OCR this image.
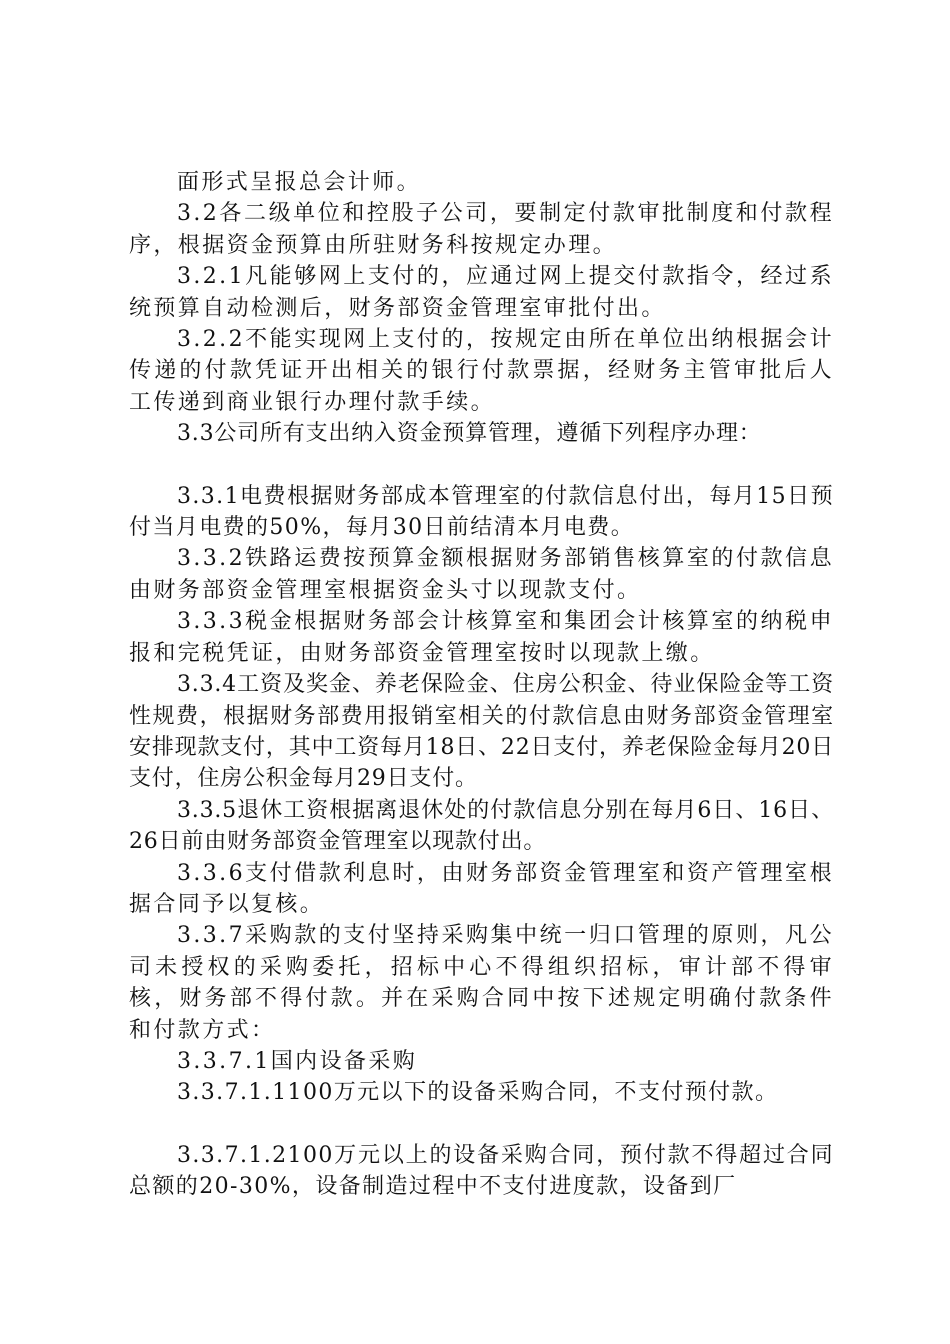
面形式呈报总会计师。

3.2各二级单位和控股子公司，要制定付款审批制度和付款程序，根据资金预算由所驻财务科按规定办理。

3.2.1凡能够网上支付的，应通过网上提交付款指令，经过系统预算自动检测后，财务部资金管理室审批付出。

3.2.2不能实现网上支付的，按规定由所在单位出纳根据会计传递的付款凭证开出相关的银行付款票据，经财务主管审批后人工传递到商业银行办理付款手续。

3.3公司所有支出纳入资金预算管理，遵循下列程序办理：

3.3.1电费根据财务部成本管理室的付款信息付出，每月15日预付当月电费的50%，每月30日前结清本月电费。

3.3.2铁路运费按预算金额根据财务部销售核算室的付款信息由财务部资金管理室根据资金头寸以现款支付。

3.3.3税金根据财务部会计核算室和集团会计核算室的纳税申报和完税凭证，由财务部资金管理室按时以现款上缴。

3.3.4工资及奖金、养老保险金、住房公积金、待业保险金等工资性规费，根据财务部费用报销室相关的付款信息由财务部资金管理室安排现款支付，其中工资每月18日、22日支付，养老保险金每月20日支付，住房公积金每月29日支付。

3.3.5退休工资根据离退休处的付款信息分别在每月6日、16日、26日前由财务部资金管理室以现款付出。

3.3.6支付借款利息时，由财务部资金管理室和资产管理室根据合同予以复核。

3.3.7采购款的支付坚持采购集中统一归口管理的原则，凡公司未授权的采购委托，招标中心不得组织招标，审计部不得审核，财务部不得付款。并在采购合同中按下述规定明确付款条件和付款方式：

3.3.7.1国内设备采购

3.3.7.1.1100万元以下的设备采购合同，不支付预付款。

3.3.7.1.2100万元以上的设备采购合同，预付款不得超过合同总额的20-30%，设备制造过程中不支付进度款，设备到厂
